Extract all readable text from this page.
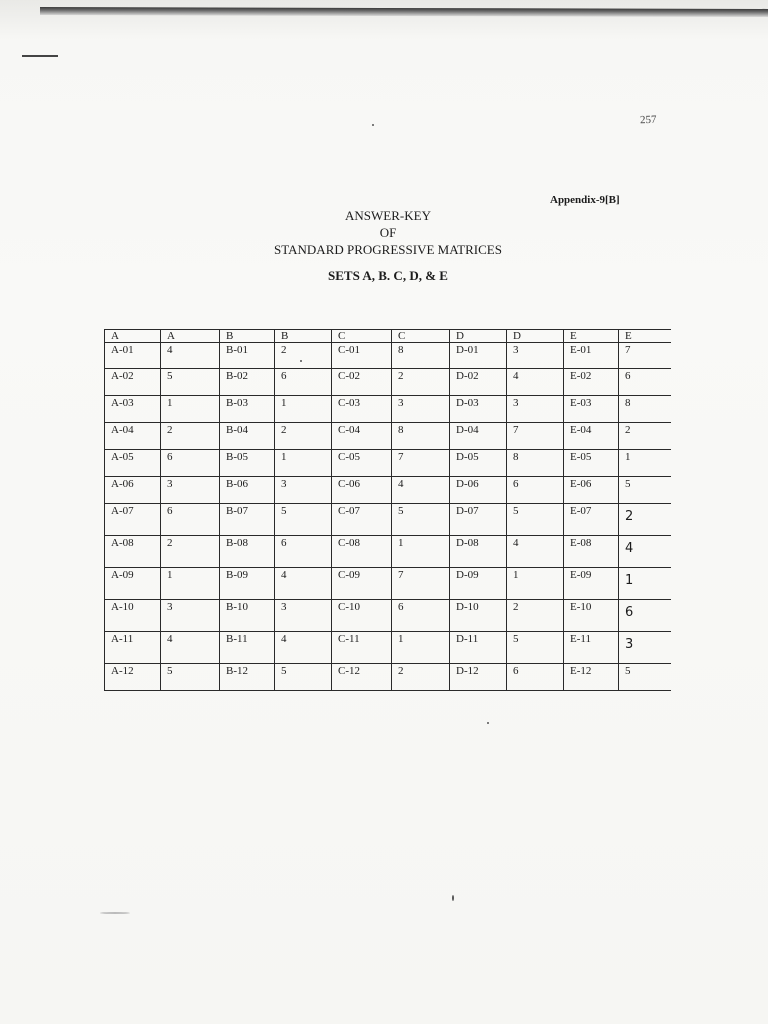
257
Appendix-9[B]
ANSWER-KEY
OF
STANDARD PROGRESSIVE MATRICES
SETS A, B. C, D, & E
A	A	B	B	C	C	D	D	E	E
A-01	4	B-01	2	C-01	8	D-01	3	E-01	7
A-02	5	B-02	6	C-02	2	D-02	4	E-02	6
A-03	1	B-03	1	C-03	3	D-03	3	E-03	8
A-04	2	B-04	2	C-04	8	D-04	7	E-04	2
A-05	6	B-05	1	C-05	7	D-05	8	E-05	1
A-06	3	B-06	3	C-06	4	D-06	6	E-06	5
A-07	6	B-07	5	C-07	5	D-07	5	E-07	2
A-08	2	B-08	6	C-08	1	D-08	4	E-08	4
A-09	1	B-09	4	C-09	7	D-09	1	E-09	1
A-10	3	B-10	3	C-10	6	D-10	2	E-10	6
A-11	4	B-11	4	C-11	1	D-11	5	E-11	3
A-12	5	B-12	5	C-12	2	D-12	6	E-12	5
